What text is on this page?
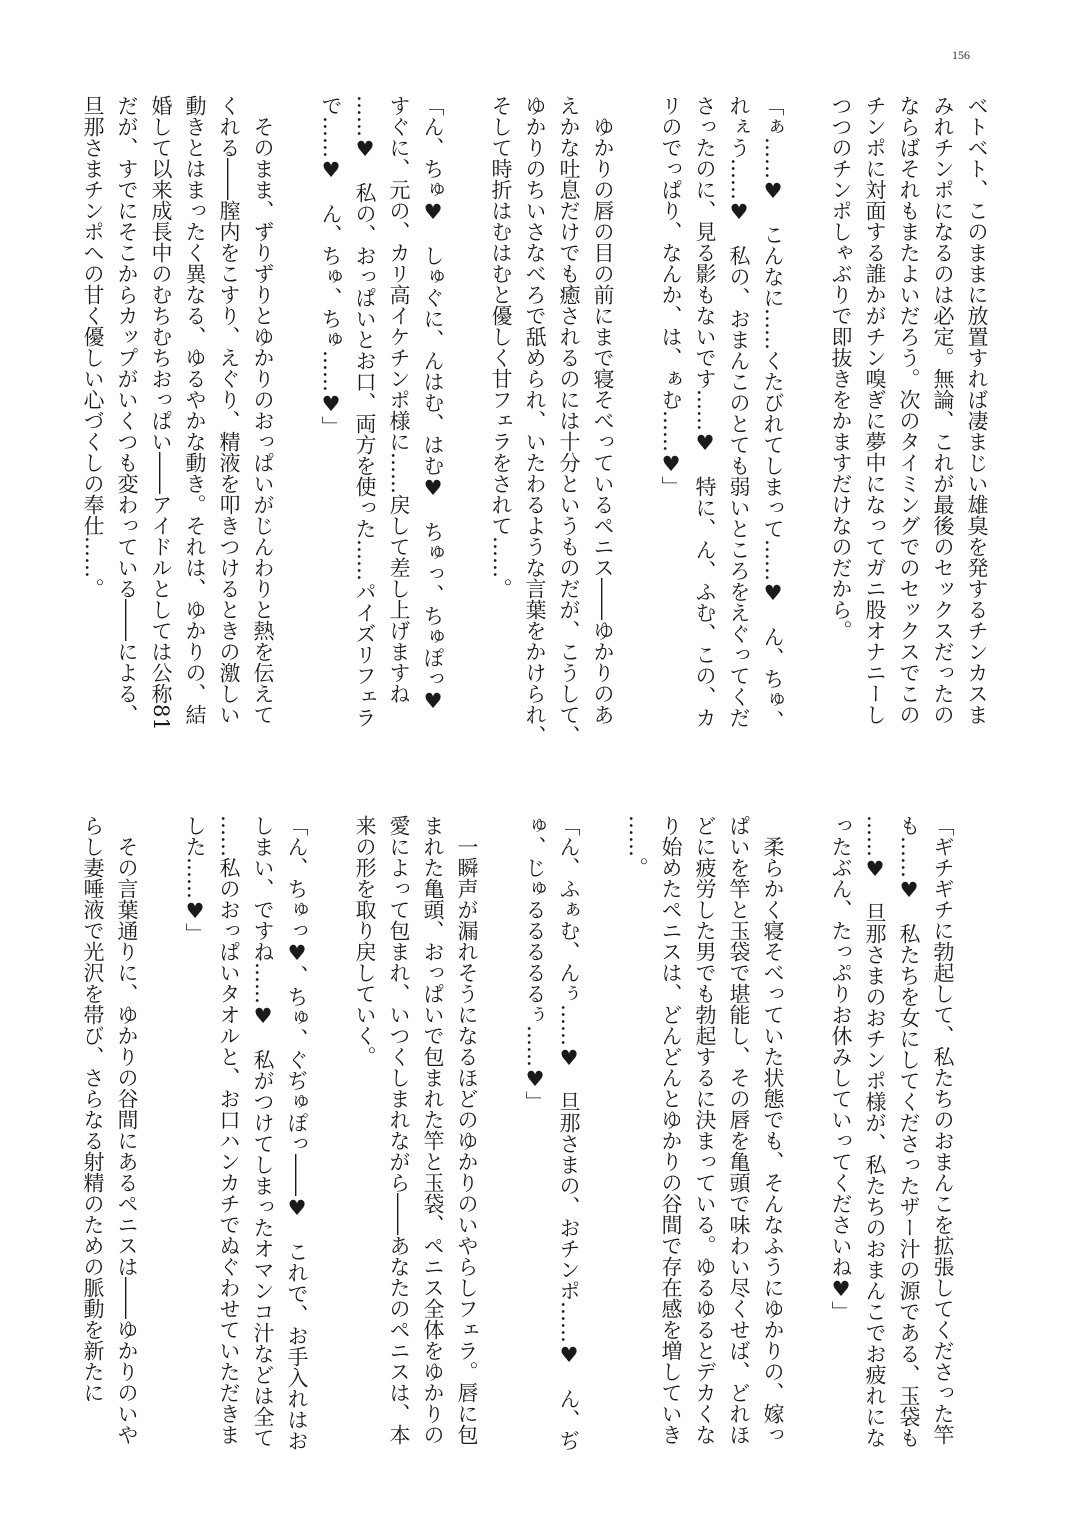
156
ベトベト、このままに放置すれば凄まじい雄臭を発するチンカスま
みれチンポになるのは必定。無論、これが最後のセックスだったの
ならばそれもまたよいだろう。次のタイミングでのセックスでこの
チンポに対面する誰かがチン嗅ぎに夢中になってガニ股オナニーし
つつのチンポしゃぶりで即抜きをかますだけなのだから。
「ぁ……♥　こんなに……くたびれてしまって……♥　ん、ちゅ、
れぇう……♥　私の、おまんこのとても弱いところをえぐってくだ
さったのに、見る影もないです……♥　特に、ん、ふむ、この、カ
リのでっぱり、なんか、は、ぁむ……♥」
　ゆかりの唇の目の前にまで寝そべっているペニス――ゆかりのあ
えかな吐息だけでも癒されるのには十分というものだが、こうして、
ゆかりのちいさなべろで舐められ、いたわるような言葉をかけられ、
そして時折はむはむと優しく甘フェラをされて……。
「ん、ちゅ♥　しゅぐに、んはむ、はむ♥　ちゅっ、ちゅぽっ♥
すぐに、元の、カリ高イケチンポ様に……戻して差し上げますね
……♥　私の、おっぱいとお口、両方を使った……パイズリフェラ
で……♥　ん、ちゅ、ちゅ……♥」
　そのまま、ずりずりとゆかりのおっぱいがじんわりと熱を伝えて
くれる――膣内をこすり、えぐり、精液を叩きつけるときの激しい
動きとはまったく異なる、ゆるやかな動き。それは、ゆかりの、結
婚して以来成長中のむちむちおっぱい――アイドルとしては公称81
だが、すでにそこからカップがいくつも変わっている――による、
旦那さまチンポへの甘く優しい心づくしの奉仕……。
「ギチギチに勃起して、私たちのおまんこを拡張してくださった竿
も……♥　私たちを女にしてくださったザー汁の源である、玉袋も
……♥　旦那さまのおチンポ様が、私たちのおまんこでお疲れにな
ったぶん、たっぷりお休みしていってくださいね♥」
　柔らかく寝そべっていた状態でも、そんなふうにゆかりの、嫁っ
ぱいを竿と玉袋で堪能し、その唇を亀頭で味わい尽くせば、どれほ
どに疲労した男でも勃起するに決まっている。ゆるゆるとデカくな
り始めたペニスは、どんどんとゆかりの谷間で存在感を増していき
……。
「ん、ふぁむ、んぅ……♥　旦那さまの、おチンポ……♥　ん、ぢ
ゅ、じゅるるるるるぅ……♥」
　一瞬声が漏れそうになるほどのゆかりのいやらしフェラ。唇に包
まれた亀頭、おっぱいで包まれた竿と玉袋、ペニス全体をゆかりの
愛によって包まれ、いつくしまれながら――あなたのペニスは、本
来の形を取り戻していく。
「ん、ちゅっ♥、ちゅ、ぐぢゅぽっ――♥　これで、お手入れはお
しまい、ですね……♥　私がつけてしまったオマンコ汁などは全て
……私のおっぱいタオルと、お口ハンカチでぬぐわせていただきま
した……♥」
　その言葉通りに、ゆかりの谷間にあるペニスは――ゆかりのいや
らし妻唾液で光沢を帯び、さらなる射精のための脈動を新たに
